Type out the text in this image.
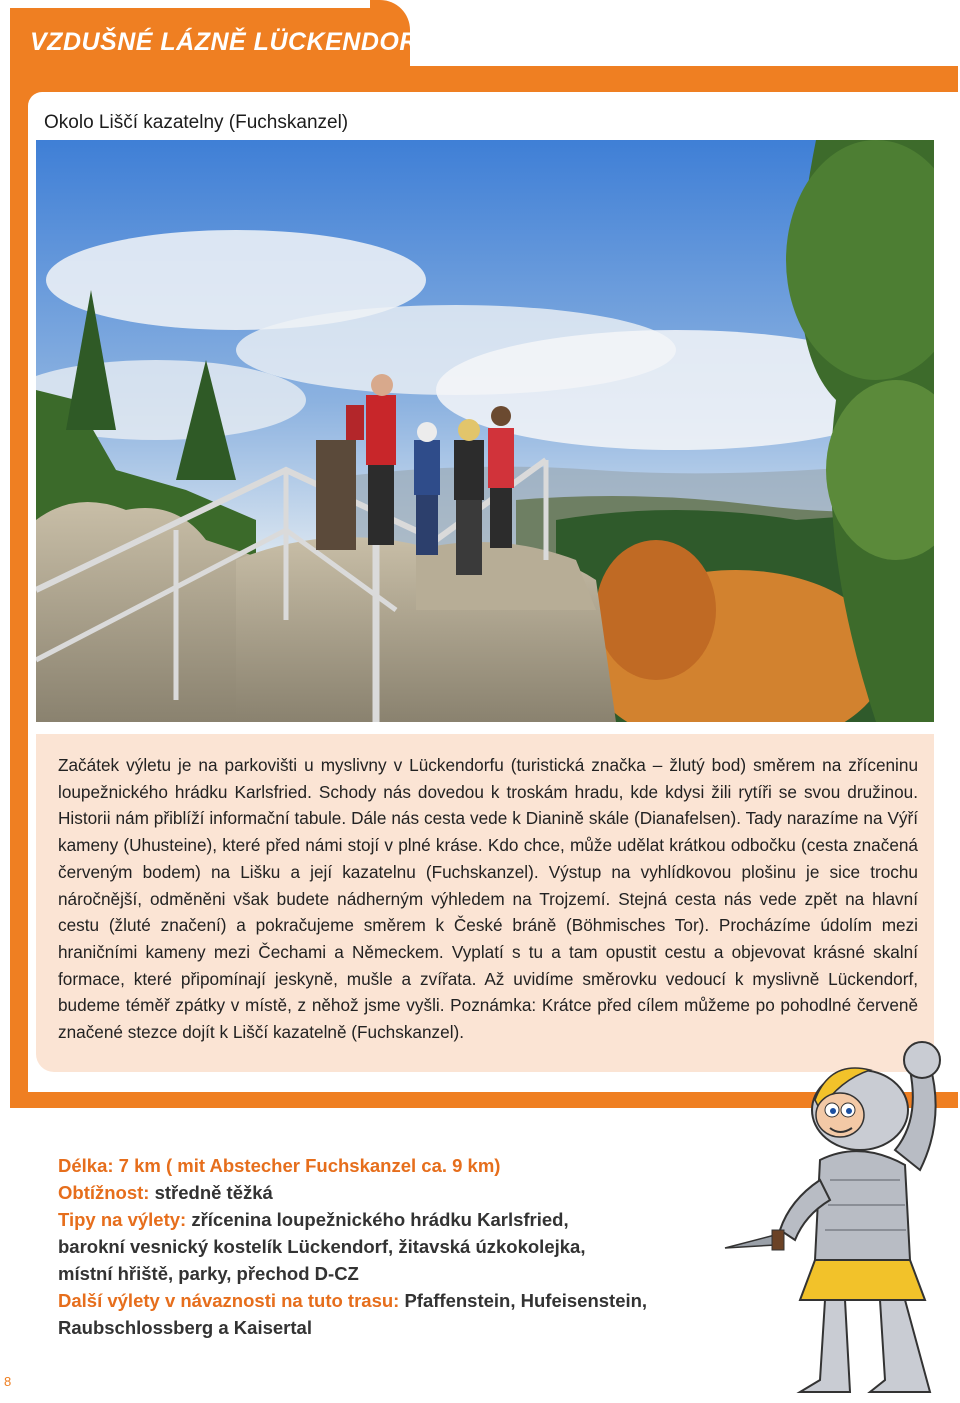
VZDUŠNÉ LÁZNĚ LÜCKENDORF
Okolo Liščí kazatelny (Fuchskanzel)

Začátek výletu je na parkovišti u myslivny v Lückendorfu (turistická značka – žlutý bod) směrem na zříceninu loupežnického hrádku Karlsfried. Schody nás dovedou k troskám hradu, kde kdysi žili rytíři se svou družinou. Historii nám přiblíží informační tabule. Dále nás cesta vede k Dianině skále (Dianafelsen). Tady narazíme na Výří kameny (Uhusteine), které před námi stojí v plné kráse. Kdo chce, může udělat krátkou odbočku (cesta značená červeným bodem) na Lišku a její kazatelnu (Fuchskanzel). Výstup na vyhlídkovou plošinu je sice trochu náročnější, odměněni však budete nádherným výhledem na Trojzemí. Stejná cesta nás vede zpět na hlavní cestu (žluté značení) a pokračujeme směrem k České bráně (Böhmisches Tor). Procházíme údolím mezi hraničními kameny mezi Čechami a Německem. Vyplatí s tu a tam opustit cestu a objevovat krásné skalní formace, které připomínají jeskyně, mušle a zvířata. Až uvidíme směrovku vedoucí k myslivně Lückendorf, budeme téměř zpátky v místě, z něhož jsme vyšli. Poznámka: Krátce před cílem můžeme po pohodlné červeně značené stezce dojít k Liščí kazatelně (Fuchskanzel).

Délka: 7 km ( mit Abstecher Fuchskanzel ca. 9 km)
Obtížnost: středně těžká
Tipy na výlety: zřícenina loupežnického hrádku Karlsfried,
barokní vesnický kostelík Lückendorf, žitavská úzkokolejka,
místní hřiště, parky, přechod D-CZ
Další výlety v návaznosti na tuto trasu: Pfaffenstein, Hufeisenstein,
Raubschlossberg a Kaisertal
8
